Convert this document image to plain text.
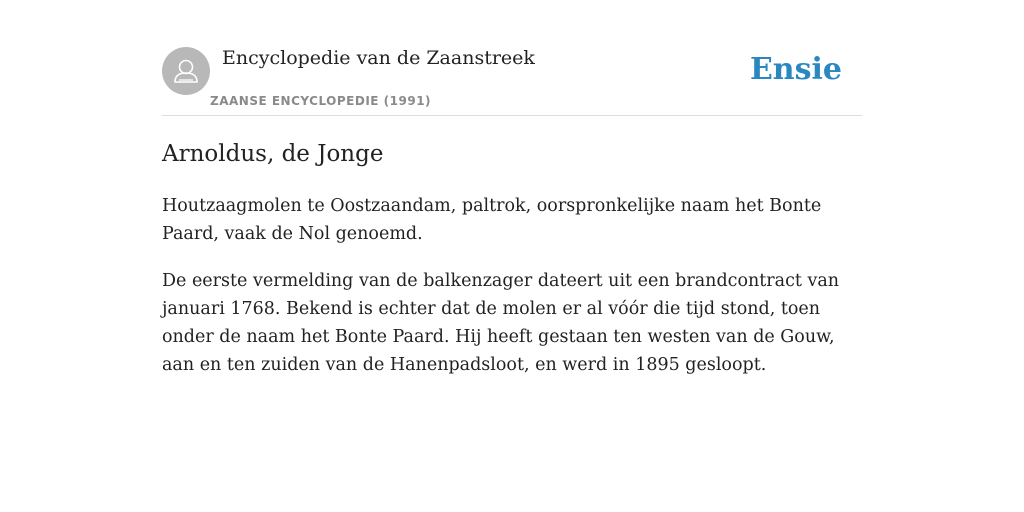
Encyclopedie van de Zaanstreek
ZAANSE ENCYCLOPEDIE (1991)
Ensie
Arnoldus, de Jonge

Houtzaagmolen te Oostzaandam, paltrok, oorspronkelijke naam het Bonte Paard, vaak de Nol genoemd.

De eerste vermelding van de balkenzager dateert uit een brandcontract van januari 1768. Bekend is echter dat de molen er al vóór die tijd stond, toen onder de naam het Bonte Paard. Hij heeft gestaan ten westen van de Gouw, aan en ten zuiden van de Hanenpadsloot, en werd in 1895 gesloopt.
